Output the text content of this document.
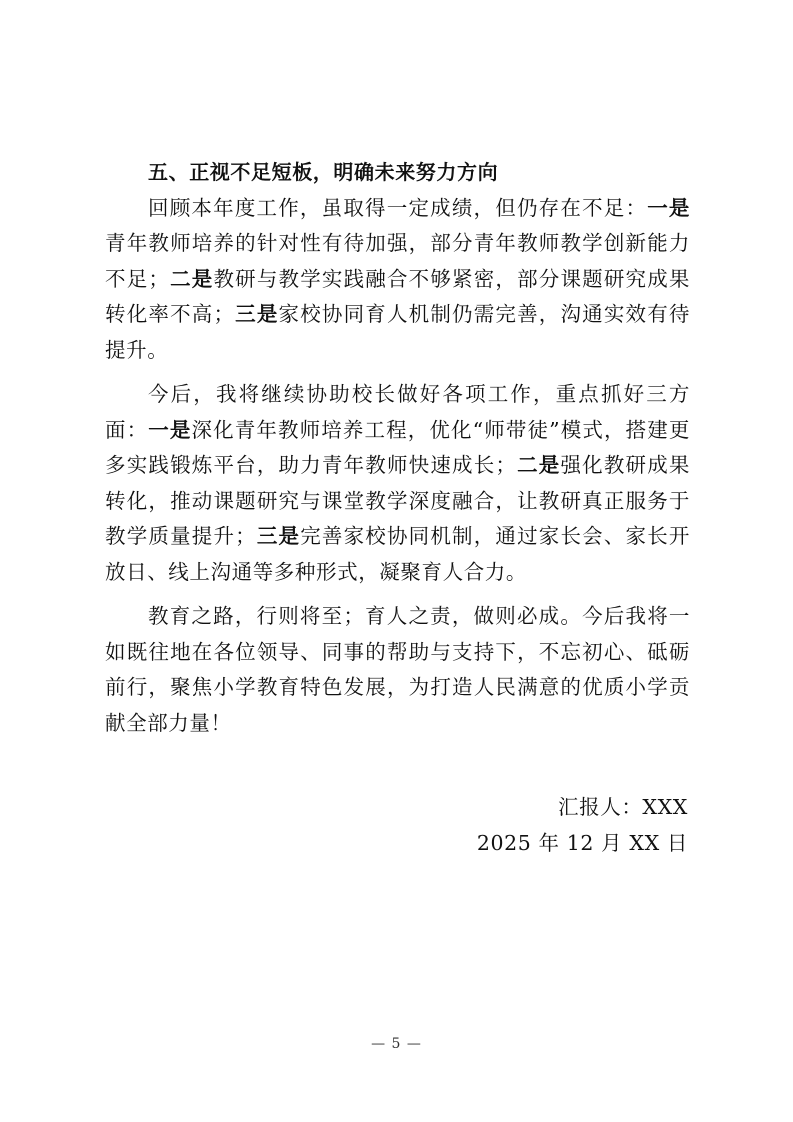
五、正视不足短板，明确未来努力方向

回顾本年度工作，虽取得一定成绩，但仍存在不足：一是青年教师培养的针对性有待加强，部分青年教师教学创新能力不足；二是教研与教学实践融合不够紧密，部分课题研究成果转化率不高；三是家校协同育人机制仍需完善，沟通实效有待提升。

今后，我将继续协助校长做好各项工作，重点抓好三方面：一是深化青年教师培养工程，优化“师带徒”模式，搭建更多实践锻炼平台，助力青年教师快速成长；二是强化教研成果转化，推动课题研究与课堂教学深度融合，让教研真正服务于教学质量提升；三是完善家校协同机制，通过家长会、家长开放日、线上沟通等多种形式，凝聚育人合力。

教育之路，行则将至；育人之责，做则必成。今后我将一如既往地在各位领导、同事的帮助与支持下，不忘初心、砥砺前行，聚焦小学教育特色发展，为打造人民满意的优质小学贡献全部力量！

汇报人：XXX

2025 年 12 月 XX 日

— 5 —
